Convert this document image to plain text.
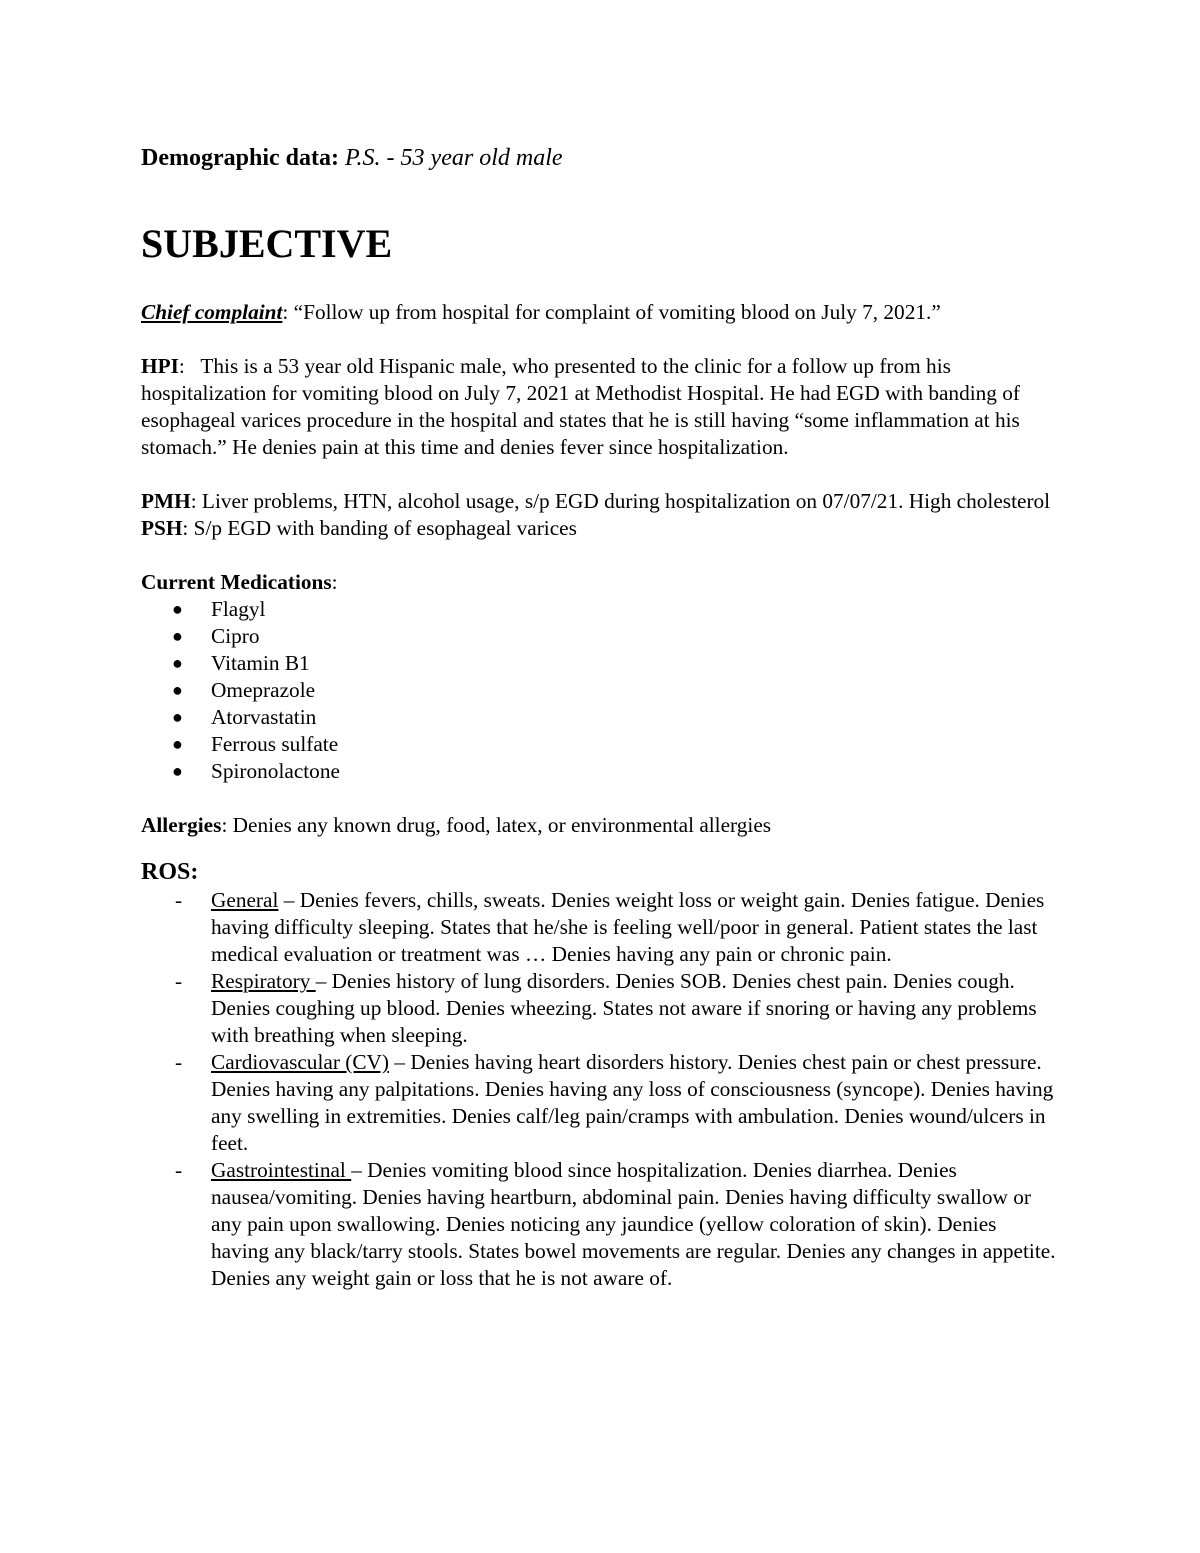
Demographic data: P.S. - 53 year old male

SUBJECTIVE

Chief complaint: “Follow up from hospital for complaint of vomiting blood on July 7, 2021.”

HPI:   This is a 53 year old Hispanic male, who presented to the clinic for a follow up from his hospitalization for vomiting blood on July 7, 2021 at Methodist Hospital. He had EGD with banding of esophageal varices procedure in the hospital and states that he is still having “some inflammation at his stomach.” He denies pain at this time and denies fever since hospitalization.

PMH: Liver problems, HTN, alcohol usage, s/p EGD during hospitalization on 07/07/21. High cholesterol

PSH: S/p EGD with banding of esophageal varices

Current Medications:

● Flagyl
● Cipro
● Vitamin B1
● Omeprazole
● Atorvastatin
● Ferrous sulfate
● Spironolactone

Allergies: Denies any known drug, food, latex, or environmental allergies

ROS:

- General – Denies fevers, chills, sweats. Denies weight loss or weight gain. Denies fatigue. Denies having difficulty sleeping. States that he/she is feeling well/poor in general. Patient states the last medical evaluation or treatment was … Denies having any pain or chronic pain.
- Respiratory – Denies history of lung disorders. Denies SOB. Denies chest pain. Denies cough. Denies coughing up blood. Denies wheezing. States not aware if snoring or having any problems with breathing when sleeping.
- Cardiovascular (CV) – Denies having heart disorders history. Denies chest pain or chest pressure. Denies having any palpitations. Denies having any loss of consciousness (syncope). Denies having any swelling in extremities. Denies calf/leg pain/cramps with ambulation. Denies wound/ulcers in feet.
- Gastrointestinal – Denies vomiting blood since hospitalization. Denies diarrhea. Denies nausea/vomiting. Denies having heartburn, abdominal pain. Denies having difficulty swallow or any pain upon swallowing. Denies noticing any jaundice (yellow coloration of skin). Denies having any black/tarry stools. States bowel movements are regular. Denies any changes in appetite. Denies any weight gain or loss that he is not aware of.
